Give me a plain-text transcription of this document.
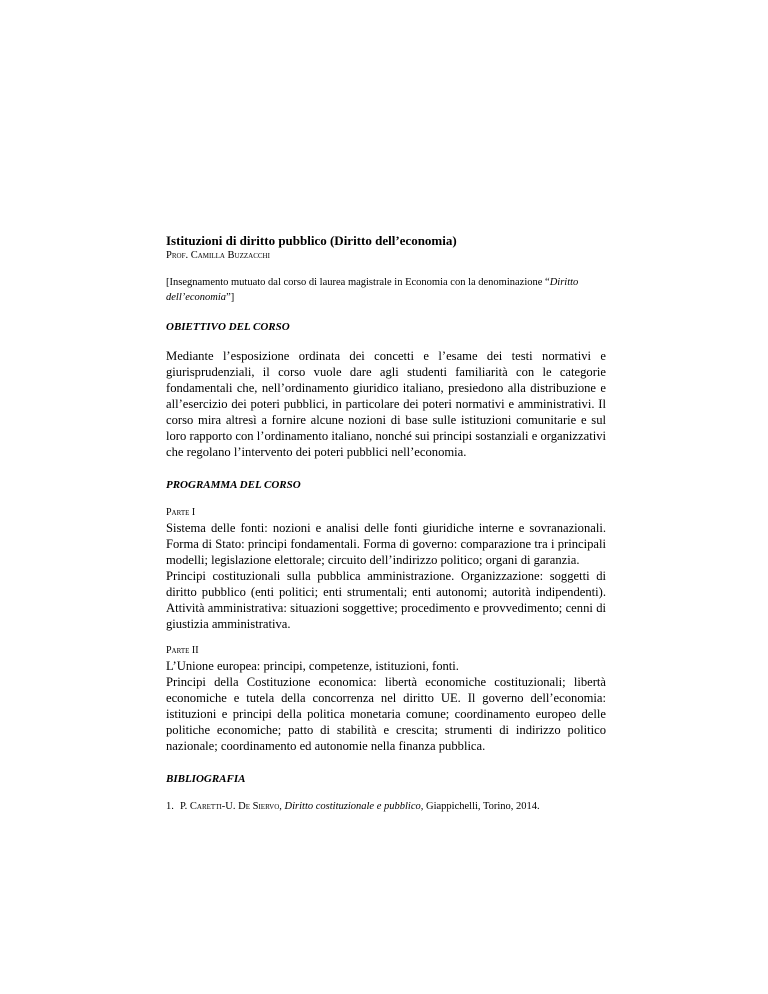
Istituzioni di diritto pubblico (Diritto dell’economia)

Prof. Camilla Buzzacchi

[Insegnamento mutuato dal corso di laurea magistrale in Economia con la denominazione “Diritto dell’economia”]

OBIETTIVO DEL CORSO

Mediante l’esposizione ordinata dei concetti e l’esame dei testi normativi e giurisprudenziali, il corso vuole dare agli studenti familiarità con le categorie fondamentali che, nell’ordinamento giuridico italiano, presiedono alla distribuzione e all’esercizio dei poteri pubblici, in particolare dei poteri normativi e amministrativi. Il corso mira altresì a fornire alcune nozioni di base sulle istituzioni comunitarie e sul loro rapporto con l’ordinamento italiano, nonché sui principi sostanziali e organizzativi che regolano l’intervento dei poteri pubblici nell’economia.

PROGRAMMA DEL CORSO

Parte I

Sistema delle fonti: nozioni e analisi delle fonti giuridiche interne e sovranazionali. Forma di Stato: principi fondamentali. Forma di governo: comparazione tra i principali modelli; legislazione elettorale; circuito dell’indirizzo politico; organi di garanzia.

Principi costituzionali sulla pubblica amministrazione. Organizzazione: soggetti di diritto pubblico (enti politici; enti strumentali; enti autonomi; autorità indipendenti). Attività amministrativa: situazioni soggettive; procedimento e provvedimento; cenni di giustizia amministrativa.

Parte II

L’Unione europea: principi, competenze, istituzioni, fonti.

Principi della Costituzione economica: libertà economiche costituzionali; libertà economiche e tutela della concorrenza nel diritto UE. Il governo dell’economia: istituzioni e principi della politica monetaria comune; coordinamento europeo delle politiche economiche; patto di stabilità e crescita; strumenti di indirizzo politico nazionale; coordinamento ed autonomie nella finanza pubblica.

BIBLIOGRAFIA

1. P. Caretti-U. De Siervo, Diritto costituzionale e pubblico, Giappichelli, Torino, 2014.
